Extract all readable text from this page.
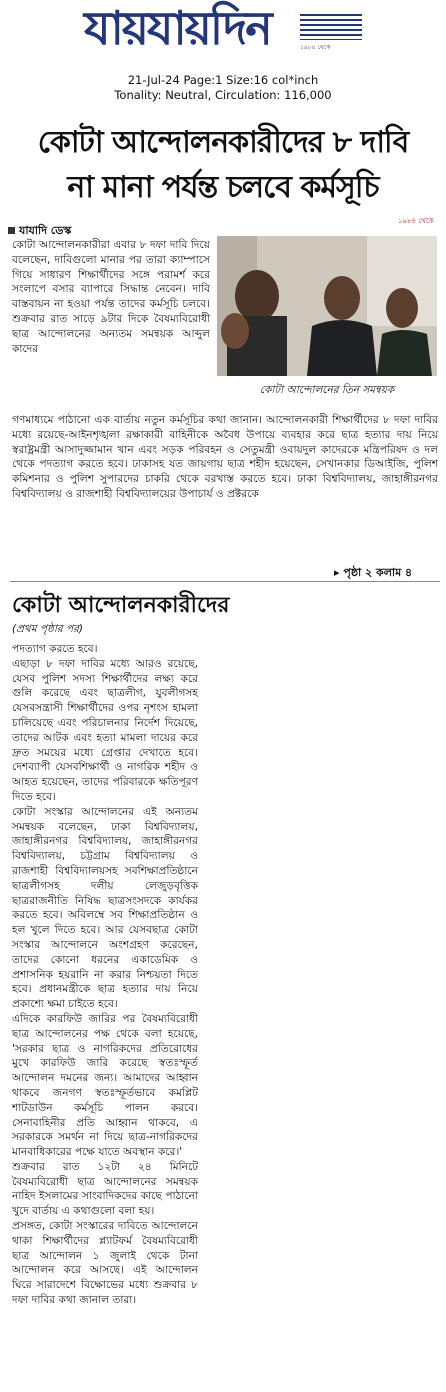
যায়যায়দিন	১৯৮৪ থেকে
21-Jul-24 Page:1 Size:16 col*inch
Tonality: Neutral, Circulation: 116,000
কোটা আন্দোলনকারীদের ৮ দাবি
না মানা পর্যন্ত চলবে কর্মসূচি
যাযাদি ডেস্ক
১৯৮৪ থেকে
কোটা আন্দোলনকারীরা এবার ৮ দফা দাবি দিয়ে বলেছেন, দাবিগুলো মানার পর তারা ক্যাম্পাসে গিয়ে সাধারণ শিক্ষার্থীদের সঙ্গে পরামর্শ করে সংলাপে বসার ব্যাপারে সিদ্ধান্ত নেবেন। দাবি বাস্তবায়ন না হওয়া পর্যন্ত তাদের কর্মসূচি চলবে। শুক্রবার রাত সাড়ে ৯টার দিকে বৈষম্যবিরোধী ছাত্র আন্দোলনের অন্যতম সমন্বয়ক আব্দুল কাদের
কোটা আন্দোলনের তিন সমন্বয়ক
গণমাধ্যমে পাঠানো এক বার্তায় নতুন কর্মসূচির কথা জানান। আন্দোলনকারী শিক্ষার্থীদের ৮ দফা দাবির মধ্যে রয়েছে-আইনশৃঙ্খলা রক্ষাকারী বাহিনীকে অবৈধ উপায়ে ব্যবহার করে ছাত্র হত্যার দায় নিয়ে স্বরাষ্ট্রমন্ত্রী আসাদুজ্জামান খান এবং সড়ক পরিবহন ও সেতুমন্ত্রী ওবায়দুল কাদেরকে মন্ত্রিপরিষদ ও দল থেকে পদত্যাগ করতে হবে। ঢাকাসহ যত জায়গায় ছাত্র শহীদ হয়েছেন, সেখানকার ডিআইজি, পুলিশ কমিশনার ও পুলিশ সুপারদের চাকরি থেকে বরখাস্ত করতে হবে। ঢাকা বিশ্ববিদ্যালয়, জাহাঙ্গীরনগর বিশ্ববিদ্যালয় ও রাজশাহী বিশ্ববিদ্যালয়ের উপাচার্য ও প্রক্টরকে
▸ পৃষ্ঠা ২ কলাম ৪
কোটা আন্দোলনকারীদের
(প্রথম পৃষ্ঠার পর)

পদত্যাগ করতে হবে।

এছাড়া ৮ দফা দাবির মধ্যে আরও রয়েছে, যেসব পুলিশ সদস্য শিক্ষার্থীদের লক্ষ্য করে গুলি করেছে এবং ছাত্রলীগ, যুবলীগসহ যেসবসন্ত্রাসী শিক্ষার্থীদের ওপর নৃশংস হামলা চালিয়েছে এবং পরিচালনার নির্দেশ দিয়েছে, তাদের আটক এবং হত্যা মামলা দায়ের করে দ্রুত সময়ের মধ্যে গ্রেপ্তার দেখাতে হবে। দেশব্যাপী যেসবশিক্ষার্থী ও নাগরিক শহীদ ও আহত হয়েছেন, তাদের পরিবারকে ক্ষতিপূরণ দিতে হবে।

কোটা সংস্কার আন্দোলনের এই অন্যতম সমন্বয়ক বলেছেন, ঢাকা বিশ্ববিদ্যালয়, জাহাঙ্গীরনগর বিশ্ববিদ্যালয়, জাহাঙ্গীরনগর বিশ্ববিদ্যালয়, চট্টগ্রাম বিশ্ববিদ্যালয় ও রাজশাহী বিশ্ববিদ্যালয়সহ সবশিক্ষাপ্রতিষ্ঠানে ছাত্রলীগসহ দলীয় লেজুড়বৃত্তিক ছাত্ররাজনীতি নিষিদ্ধ ছাত্রসংসদকে কার্যকর করতে হবে। অবিলম্বে সব শিক্ষাপ্রতিষ্ঠান ও হল খুলে দিতে হবে। আর যেসবছাত্র কোটা সংস্কার আন্দোলনে অংশগ্রহণ করেছেন, তাদের কোনো ধরনের একাডেমিক ও প্রশাসনিক হয়রানি না করার নিশ্চয়তা দিতে হবে। প্রধানমন্ত্রীকে ছাত্র হত্যার দায় নিয়ে প্রকাশ্যে ক্ষমা চাইতে হবে।

এদিকে কারফিউ জারির পর বৈষম্যবিরোধী ছাত্র আন্দোলনের পক্ষ থেকে বলা হয়েছে, 'সরকার ছাত্র ও নাগরিকদের প্রতিরোধের মুখে কারফিউ জারি করেছে স্বতঃস্ফূর্ত আন্দোলন দমনের জন্য। আমাদের আহ্বান থাকবে জনগণ স্বতঃস্ফূর্তভাবে কমপ্লিট শাটডাউন কর্মসূচি পালন করবে। সেনাবাহিনীর প্রতি আহ্বান থাকবে, এ সরকারকে সমর্থন না দিয়ে ছাত্র-নাগরিকদের মানবাধিকারের পক্ষে যাতে অবস্থান করে।'

শুক্রবার রাত ১২টা ২৪ মিনিটে বৈষম্যবিরোধী ছাত্র আন্দোলনের সমন্বয়ক নাহিদ ইসলামের সাংবাদিকদের কাছে পাঠানো খুদে বার্তায় এ কথাগুলো বলা হয়।

প্রসঙ্গত, কোটা সংস্কারের দাবিতে আন্দোলনে থাকা শিক্ষার্থীদের প্ল্যাটফর্ম বৈষম্যবিরোধী ছাত্র আন্দোলন ১ জুলাই থেকে টানা আন্দোলন করে আসছে। এই আন্দোলন ঘিরে সারাদেশে বিক্ষোভের মধ্যে শুক্রবার ৮ দফা দাবির কথা জানাল তারা।
